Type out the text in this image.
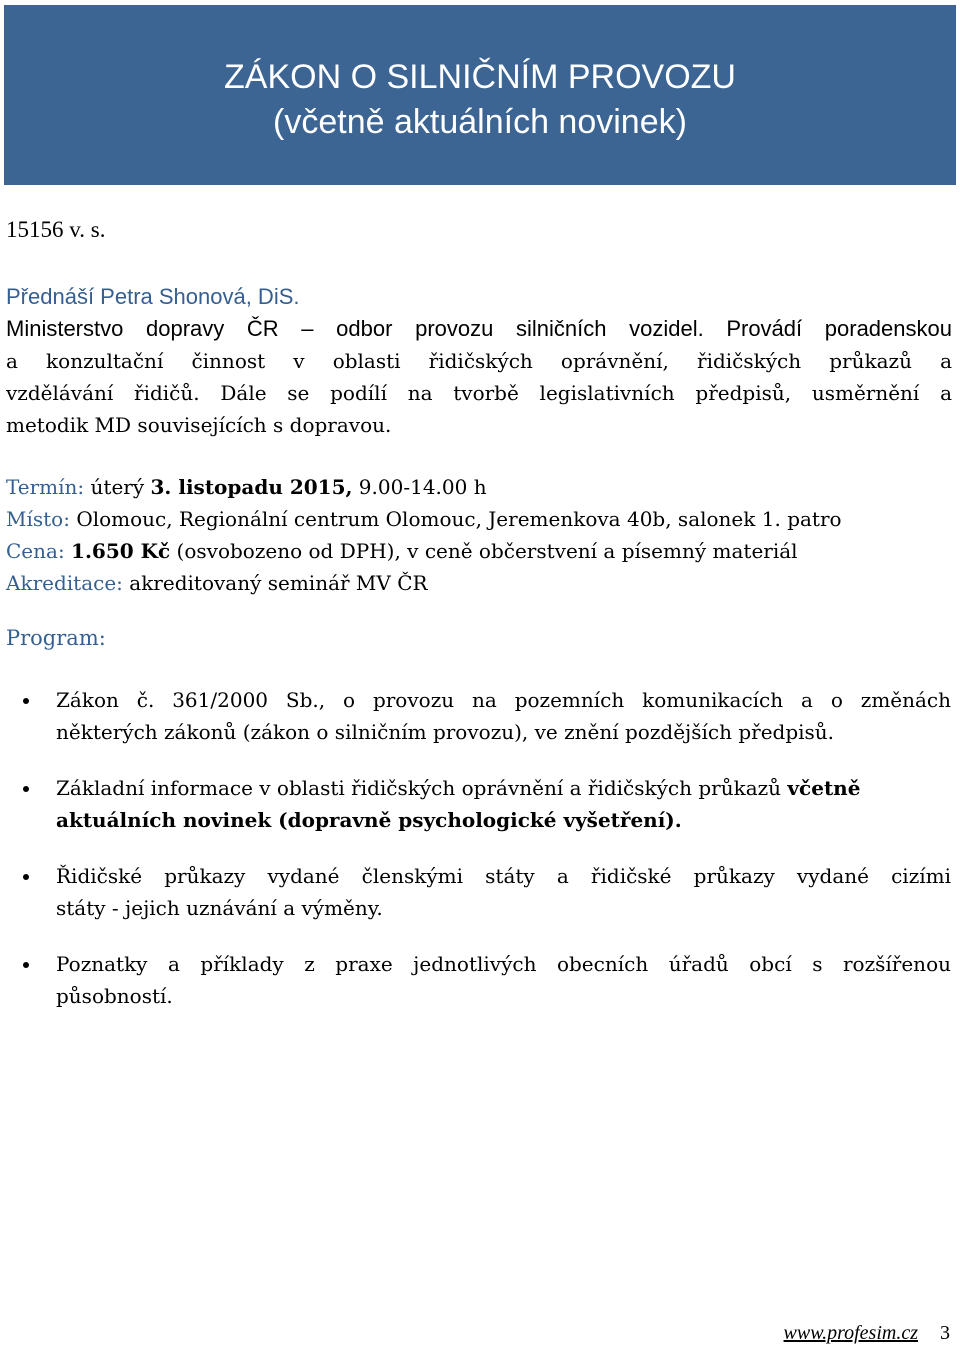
ZÁKON O SILNIČNÍM PROVOZU
(včetně aktuálních novinek)
15156 v. s.
Přednáší Petra Shonová, DiS.
Ministerstvo dopravy ČR – odbor provozu silničních vozidel. Provádí poradenskou
a konzultační činnost v oblasti řidičských oprávnění, řidičských průkazů a
vzdělávání řidičů. Dále se podílí na tvorbě legislativních předpisů, usměrnění a
metodik MD souvisejících s dopravou.
Termín: úterý 3. listopadu 2015, 9.00-14.00 h
Místo: Olomouc, Regionální centrum Olomouc, Jeremenkova 40b, salonek 1. patro
Cena: 1.650 Kč (osvobozeno od DPH), v ceně občerstvení a písemný materiál
Akreditace: akreditovaný seminář MV ČR
Program:
Zákon č. 361/2000 Sb., o provozu na pozemních komunikacích a o změnách
některých zákonů (zákon o silničním provozu), ve znění pozdějších předpisů.
Základní informace v oblasti řidičských oprávnění a řidičských průkazů včetně
aktuálních novinek (dopravně psychologické vyšetření).
Řidičské průkazy vydané členskými státy a řidičské průkazy vydané cizími
státy - jejich uznávání a výměny.
Poznatky a příklady z praxe jednotlivých obecních úřadů obcí s rozšířenou
působností.
www.profesim.cz 3
